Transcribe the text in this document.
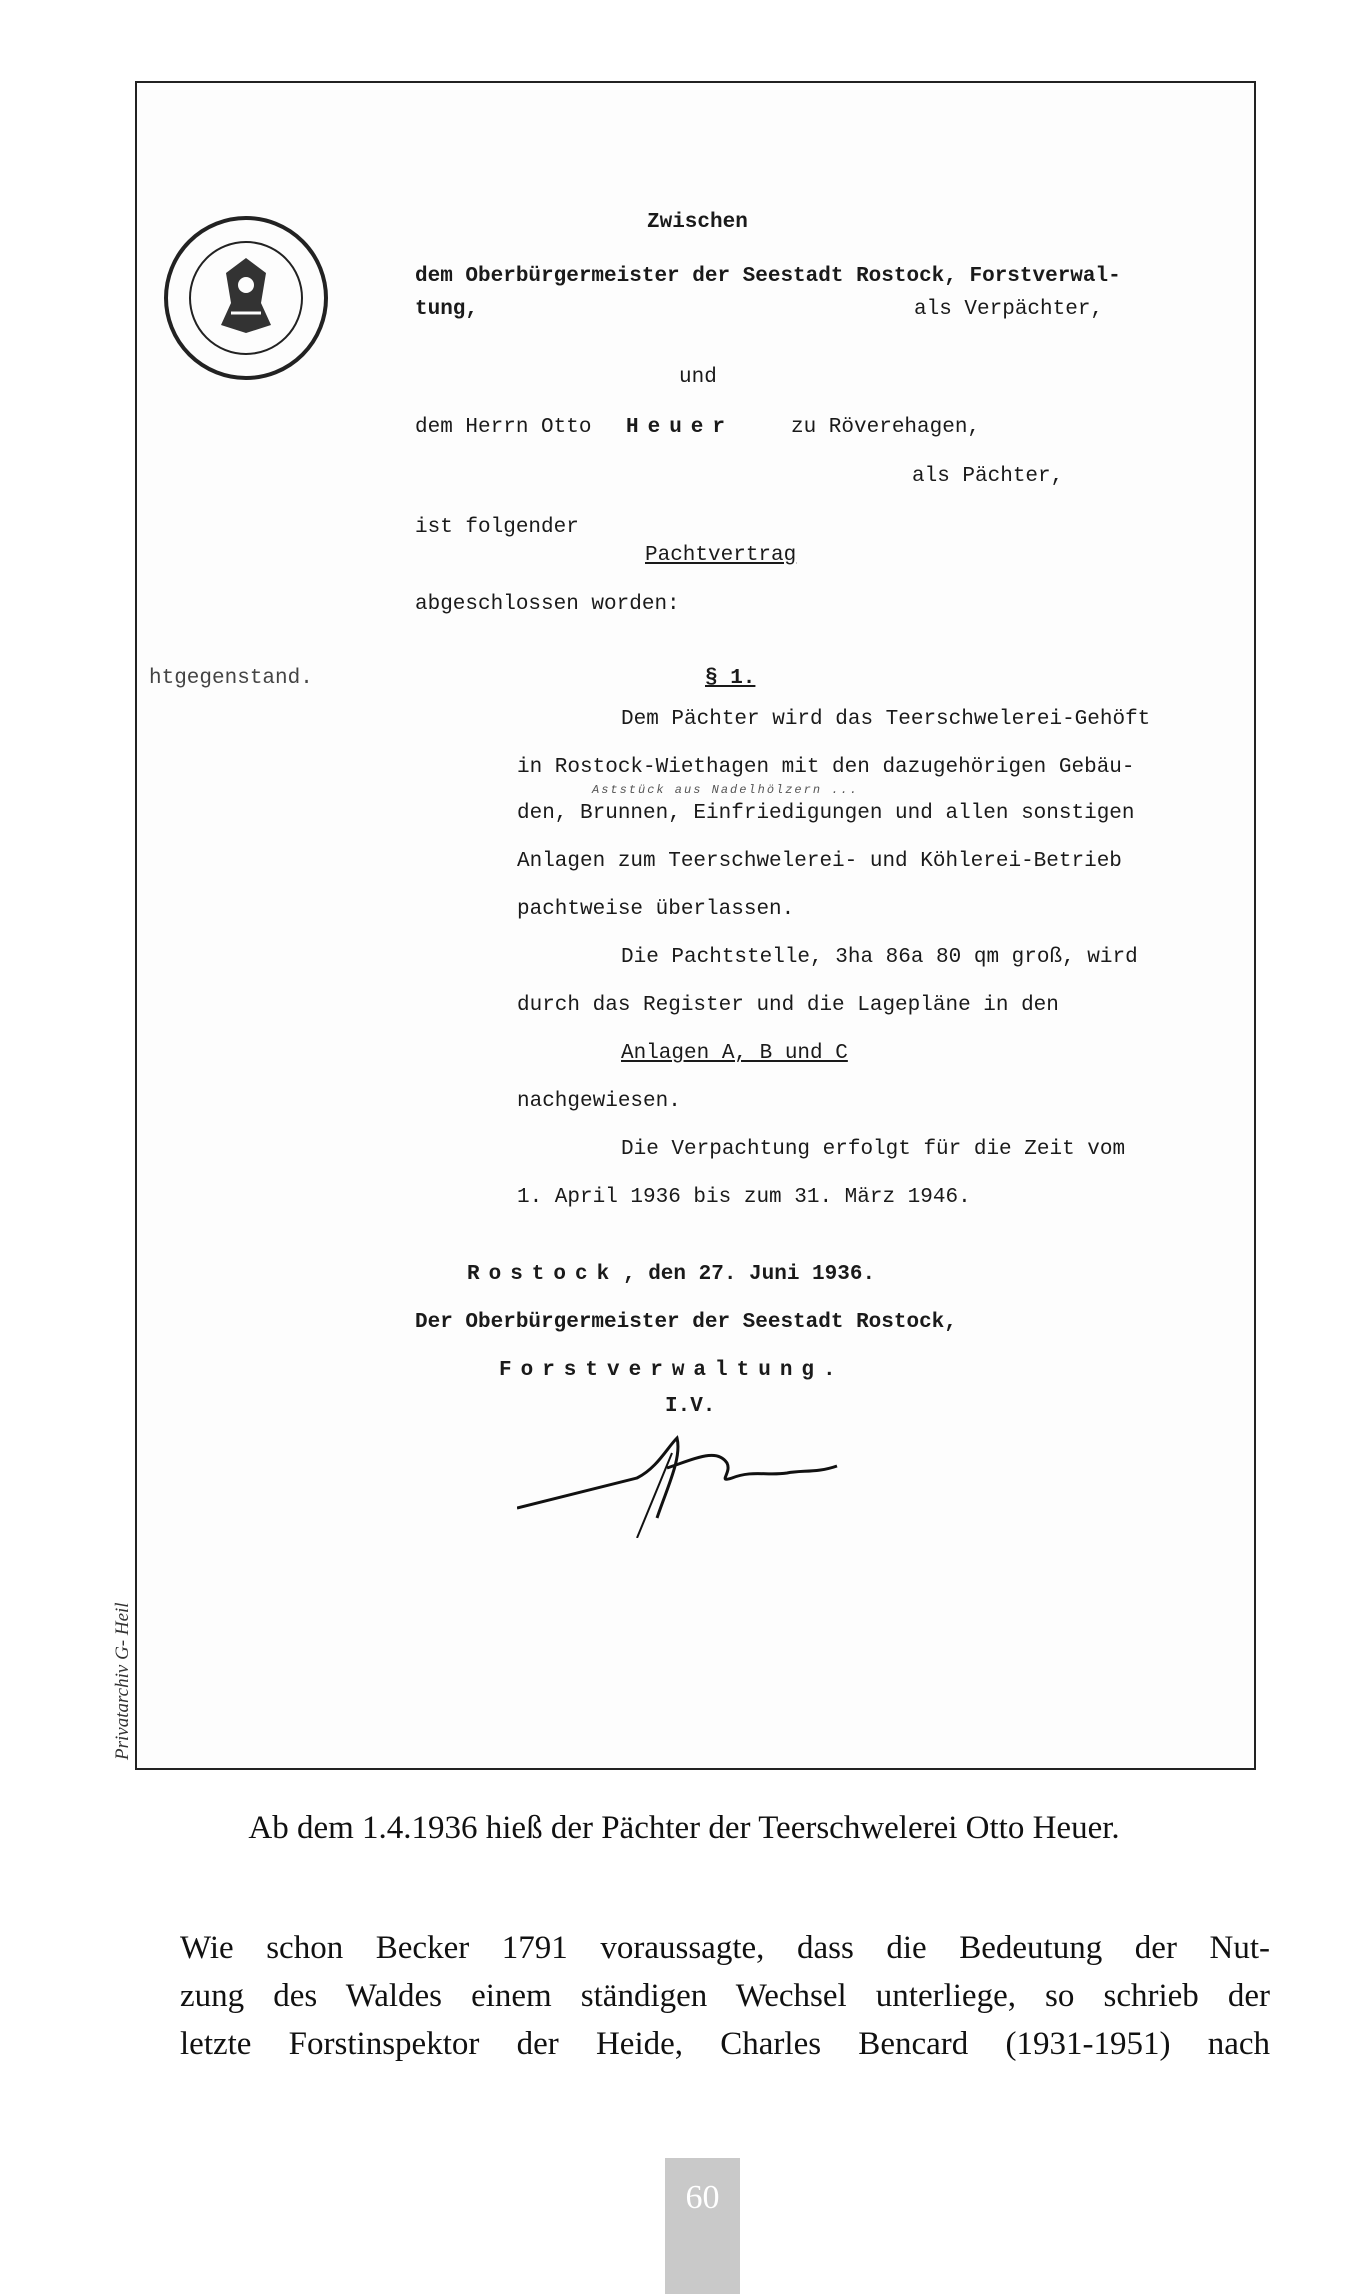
Zwischen
dem Oberbürgermeister der Seestadt Rostock, Forstverwal-
tung,	als Verpächter,
und
dem Herrn Otto Heuer	zu Röverehagen,
als Pächter,
ist folgender
Pachtvertrag
abgeschlossen worden:
htgegenstand.	§ 1.
Dem Pächter wird das Teerschwelerei-Gehöft
in Rostock-Wiethagen mit den dazugehörigen Gebäu-
Aststück aus Nadelhölzern ...
den, Brunnen, Einfriedigungen und allen sonstigen
Anlagen zum Teerschwelerei- und Köhlerei-Betrieb
pachtweise überlassen.
Die Pachtstelle, 3ha 86a 80 qm groß, wird
durch das Register und die Lagepläne in den
Anlagen A, B und C
nachgewiesen.
Die Verpachtung erfolgt für die Zeit vom
1. April 1936 bis zum 31. März 1946.
Rostock , den 27. Juni 1936.
Der Oberbürgermeister der Seestadt Rostock,
Forstverwaltung.
I.V.
Privatarchiv G- Heil
Ab dem 1.4.1936 hieß der Pächter der Teerschwelerei Otto Heuer.
Wie schon Becker 1791 voraussagte, dass die Bedeutung der Nut-
zung des Waldes einem ständigen Wechsel unterliege, so schrieb der
letzte Forstinspektor der Heide, Charles Bencard (1931-1951) nach
60
